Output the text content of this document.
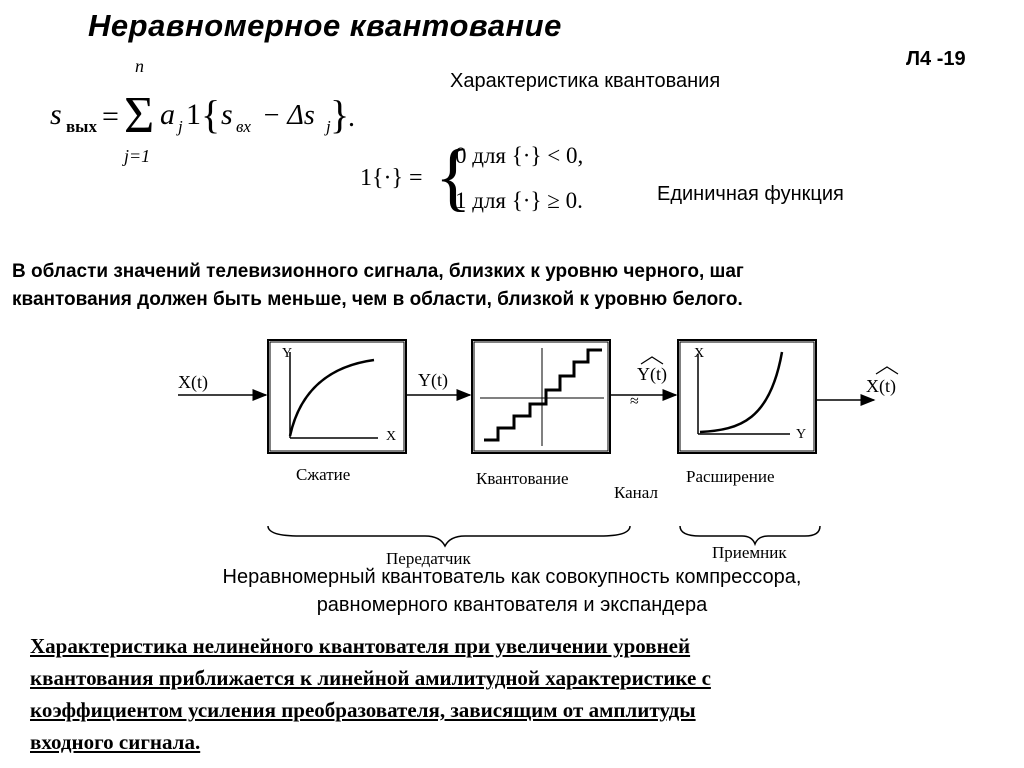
Неравномерное квантование
Л4 -19
s вых =
n
Σ
j=1
a j 1 { s вх − Δs j }
.
Характеристика квантования
1{·} = {
0 для {·} < 0,
1 для {·} ≥ 0.	Единичная функция
В области значений телевизионного сигнала, близких к уровню черного, шаг
квантования должен быть меньше, чем в области, близкой к уровню белого.
X(t)
Y
X
Сжатие
Y(t)
Квантование
≈
Y(t)
Канал
X
Y
Расширение
X(t)
Передатчик	Приемник
Неравномерный квантователь как совокупность компрессора,
равномерного квантователя и экспандера
Характеристика нелинейного квантователя при увеличении уровней
квантования приближается к линейной амилитудной характеристике с
коэффициентом усиления преобразователя, зависящим от амплитуды
входного сигнала.
